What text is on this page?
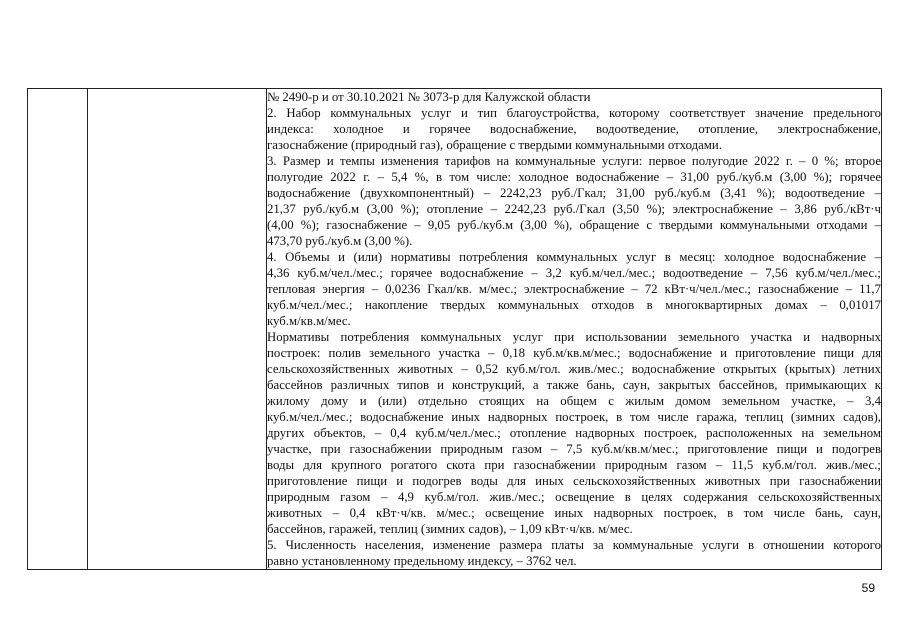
№ 2490-р и от 30.10.2021 № 3073-р для Калужской области
2. Набор коммунальных услуг и тип благоустройства, которому соответствует значение предельного
индекса: холодное и горячее водоснабжение, водоотведение, отопление, электроснабжение,
газоснабжение (природный газ), обращение с твердыми коммунальными отходами.
3. Размер и темпы изменения тарифов на коммунальные услуги: первое полугодие 2022 г. – 0 %; второе
полугодие 2022 г. – 5,4 %, в том числе: холодное водоснабжение – 31,00 руб./куб.м (3,00 %); горячее
водоснабжение (двухкомпонентный) – 2242,23 руб./Гкал; 31,00 руб./куб.м (3,41 %); водоотведение –
21,37 руб./куб.м (3,00 %); отопление – 2242,23 руб./Гкал (3,50 %); электроснабжение – 3,86 руб./кВт·ч
(4,00 %); газоснабжение – 9,05 руб./куб.м (3,00 %), обращение с твердыми коммунальными отходами –
473,70 руб./куб.м (3,00 %).
4. Объемы и (или) нормативы потребления коммунальных услуг в месяц: холодное водоснабжение –
4,36 куб.м/чел./мес.; горячее водоснабжение – 3,2 куб.м/чел./мес.; водоотведение – 7,56 куб.м/чел./мес.;
тепловая энергия – 0,0236 Гкал/кв. м/мес.; электроснабжение – 72 кВт·ч/чел./мес.; газоснабжение – 11,7
куб.м/чел./мес.; накопление твердых коммунальных отходов в многоквартирных домах – 0,01017
куб.м/кв.м/мес.
Нормативы потребления коммунальных услуг при использовании земельного участка и надворных
построек: полив земельного участка – 0,18 куб.м/кв.м/мес.; водоснабжение и приготовление пищи для
сельскохозяйственных животных – 0,52 куб.м/гол. жив./мес.; водоснабжение открытых (крытых) летних
бассейнов различных типов и конструкций, а также бань, саун, закрытых бассейнов, примыкающих к
жилому дому и (или) отдельно стоящих на общем с жилым домом земельном участке, – 3,4
куб.м/чел./мес.; водоснабжение иных надворных построек, в том числе гаража, теплиц (зимних садов),
других объектов, – 0,4 куб.м/чел./мес.; отопление надворных построек, расположенных на земельном
участке, при газоснабжении природным газом – 7,5 куб.м/кв.м/мес.; приготовление пищи и подогрев
воды для крупного рогатого скота при газоснабжении природным газом – 11,5 куб.м/гол. жив./мес.;
приготовление пищи и подогрев воды для иных сельскохозяйственных животных при газоснабжении
природным газом – 4,9 куб.м/гол. жив./мес.; освещение в целях содержания сельскохозяйственных
животных – 0,4 кВт·ч/кв. м/мес.; освещение иных надворных построек, в том числе бань, саун,
бассейнов, гаражей, теплиц (зимних садов), – 1,09 кВт·ч/кв. м/мес.
5. Численность населения, изменение размера платы за коммунальные услуги в отношении которого
равно установленному предельному индексу, – 3762 чел.
59
